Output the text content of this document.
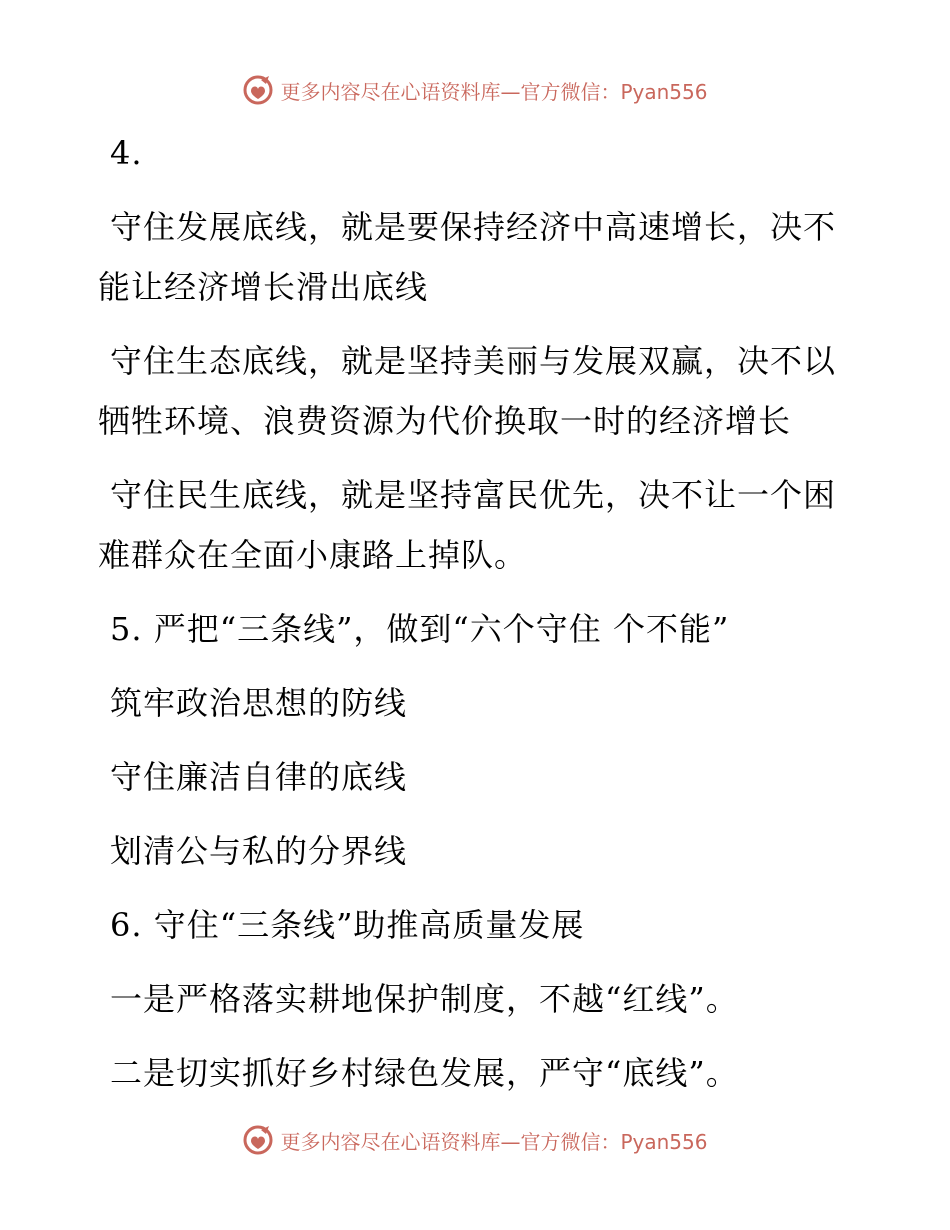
更多内容尽在心语资料库—官方微信：Pyan556

4.

守住发展底线，就是要保持经济中高速增长，决不能让经济增长滑出底线

守住生态底线，就是坚持美丽与发展双赢，决不以牺牲环境、浪费资源为代价换取一时的经济增长

守住民生底线，就是坚持富民优先，决不让一个困难群众在全面小康路上掉队。

5. 严把“三条线”，做到“六个守住 个不能”

筑牢政治思想的防线

守住廉洁自律的底线

划清公与私的分界线

6. 守住“三条线”助推高质量发展

一是严格落实耕地保护制度，不越“红线”。

二是切实抓好乡村绿色发展，严守“底线”。

更多内容尽在心语资料库—官方微信：Pyan556
